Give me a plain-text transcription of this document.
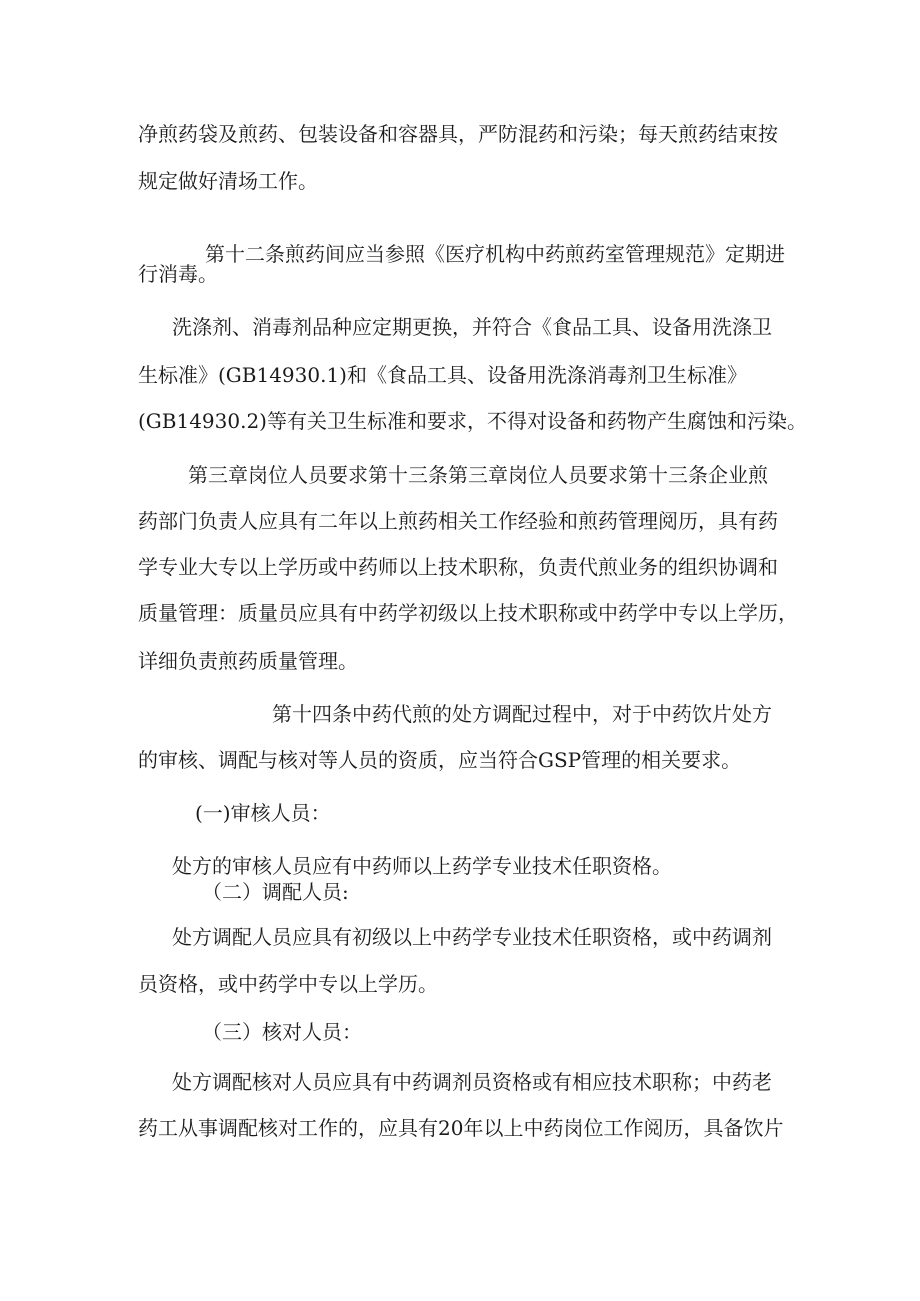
净煎药袋及煎药、包装设备和容器具，严防混药和污染；每天煎药结束按

规定做好清场工作。

第十二条煎药间应当参照《医疗机构中药煎药室管理规范》定期进

行消毒。

洗涤剂、消毒剂品种应定期更换，并符合《食品工具、设备用洗涤卫

生标准》(GB14930.1)和《食品工具、设备用洗涤消毒剂卫生标准》

(GB14930.2)等有关卫生标准和要求，不得对设备和药物产生腐蚀和污染。

第三章岗位人员要求第十三条第三章岗位人员要求第十三条企业煎

药部门负责人应具有二年以上煎药相关工作经验和煎药管理阅历，具有药

学专业大专以上学历或中药师以上技术职称，负责代煎业务的组织协调和

质量管理：质量员应具有中药学初级以上技术职称或中药学中专以上学历，

详细负责煎药质量管理。

第十四条中药代煎的处方调配过程中，对于中药饮片处方

的审核、调配与核对等人员的资质，应当符合GSP管理的相关要求。

(一)审核人员：

处方的审核人员应有中药师以上药学专业技术任职资格。

（二）调配人员:

处方调配人员应具有初级以上中药学专业技术任职资格，或中药调剂

员资格，或中药学中专以上学历。

（三）核对人员：

处方调配核对人员应具有中药调剂员资格或有相应技术职称；中药老

药工从事调配核对工作的，应具有20年以上中药岗位工作阅历，具备饮片
